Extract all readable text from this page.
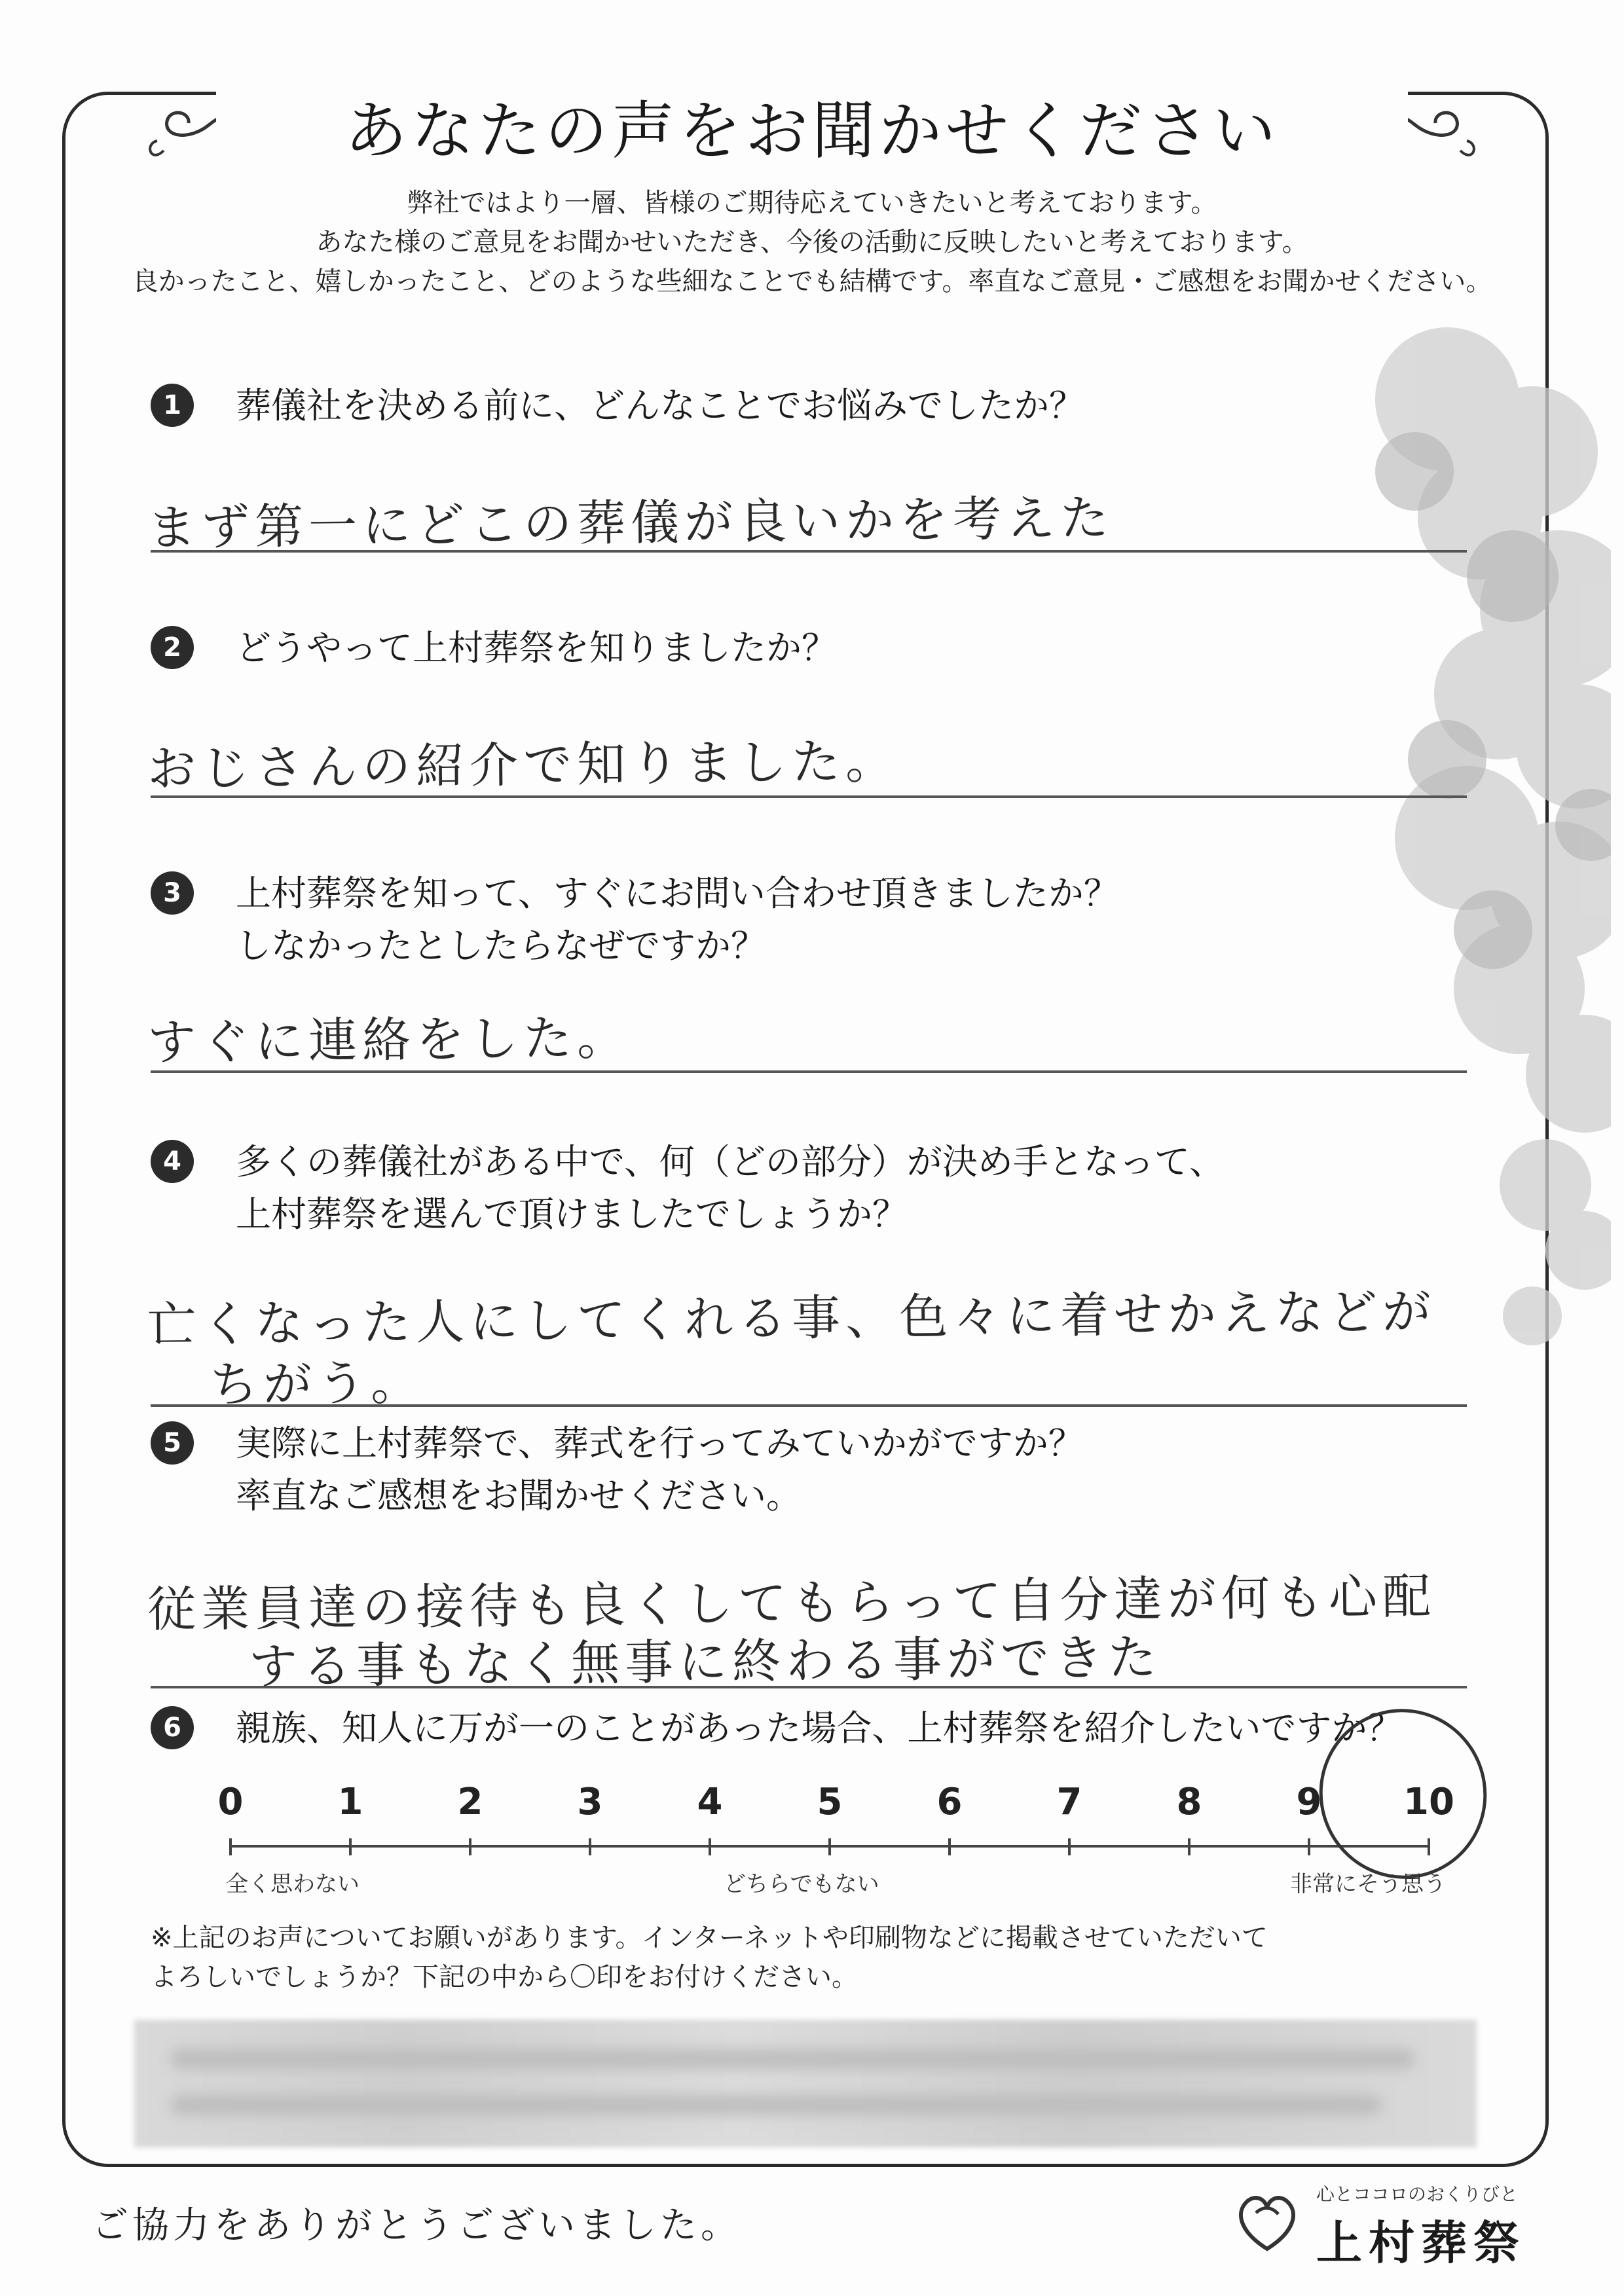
あなたの声をお聞かせください
弊社ではより一層、皆様のご期待応えていきたいと考えております。
あなた様のご意見をお聞かせいただき、今後の活動に反映したいと考えております。
良かったこと、嬉しかったこと、どのような些細なことでも結構です。率直なご意見・ご感想をお聞かせください。
1	葬儀社を決める前に、どんなことでお悩みでしたか？
まず第一にどこの葬儀が良いかを考えた
2	どうやって上村葬祭を知りましたか？
おじさんの紹介で知りました。
3	上村葬祭を知って、すぐにお問い合わせ頂きましたか？
しなかったとしたらなぜですか？
すぐに連絡をした。
4	多くの葬儀社がある中で、何（どの部分）が決め手となって、
上村葬祭を選んで頂けましたでしょうか？
亡くなった人にしてくれる事、色々に着せかえなどが
ちがう。
5	実際に上村葬祭で、葬式を行ってみていかがですか？
率直なご感想をお聞かせください。
従業員達の接待も良くしてもらって自分達が何も心配
する事もなく無事に終わる事ができた
6	親族、知人に万が一のことがあった場合、上村葬祭を紹介したいですか？
0	1	2	3	4	5	6	7	8	9	10
全く思わない	どちらでもない	非常にそう思う
※上記のお声についてお願いがあります。インターネットや印刷物などに掲載させていただいて
よろしいでしょうか？下記の中から〇印をお付けください。
ご協力をありがとうございました。
心とココロのおくりびと
上村葬祭
